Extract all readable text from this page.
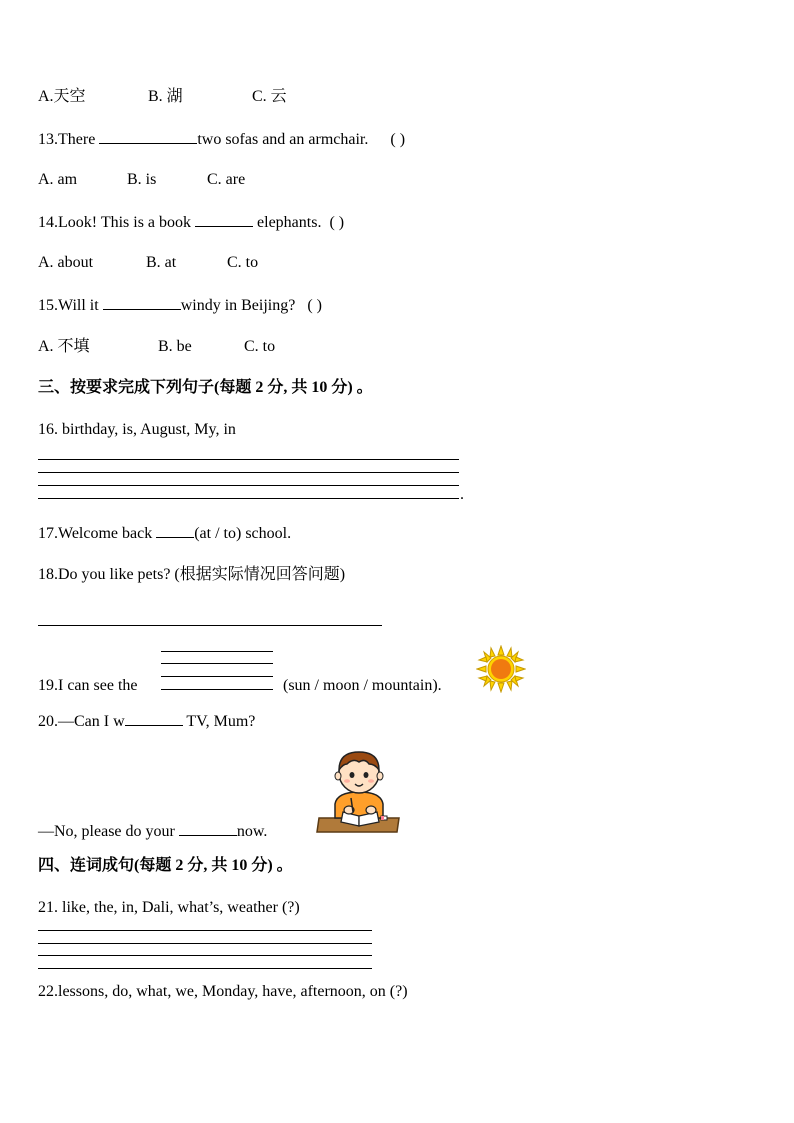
A.天空	B. 湖	C. 云
13.There	two sofas and an armchair. ( )
A. am	B. is	C. are
14.Look! This is a book	elephants. ( )
A. about	B. at	C. to
15.Will it	windy in Beijing? ( )
A. 不填	B. be	C. to
三、按要求完成下列句子(每题 2 分, 共 10 分) 。
16. birthday, is, August, My, in
.
17.Welcome back (at / to) school.
18.Do you like pets? (根据实际情况回答问题)
19.I can see the	(sun / moon / mountain).
20.—Can I w	TV, Mum?
—No, please do your	now.
四、连词成句(每题 2 分, 共 10 分) 。
21. like, the, in, Dali, what’s, weather (?)
22.lessons, do, what, we, Monday, have, afternoon, on (?)
